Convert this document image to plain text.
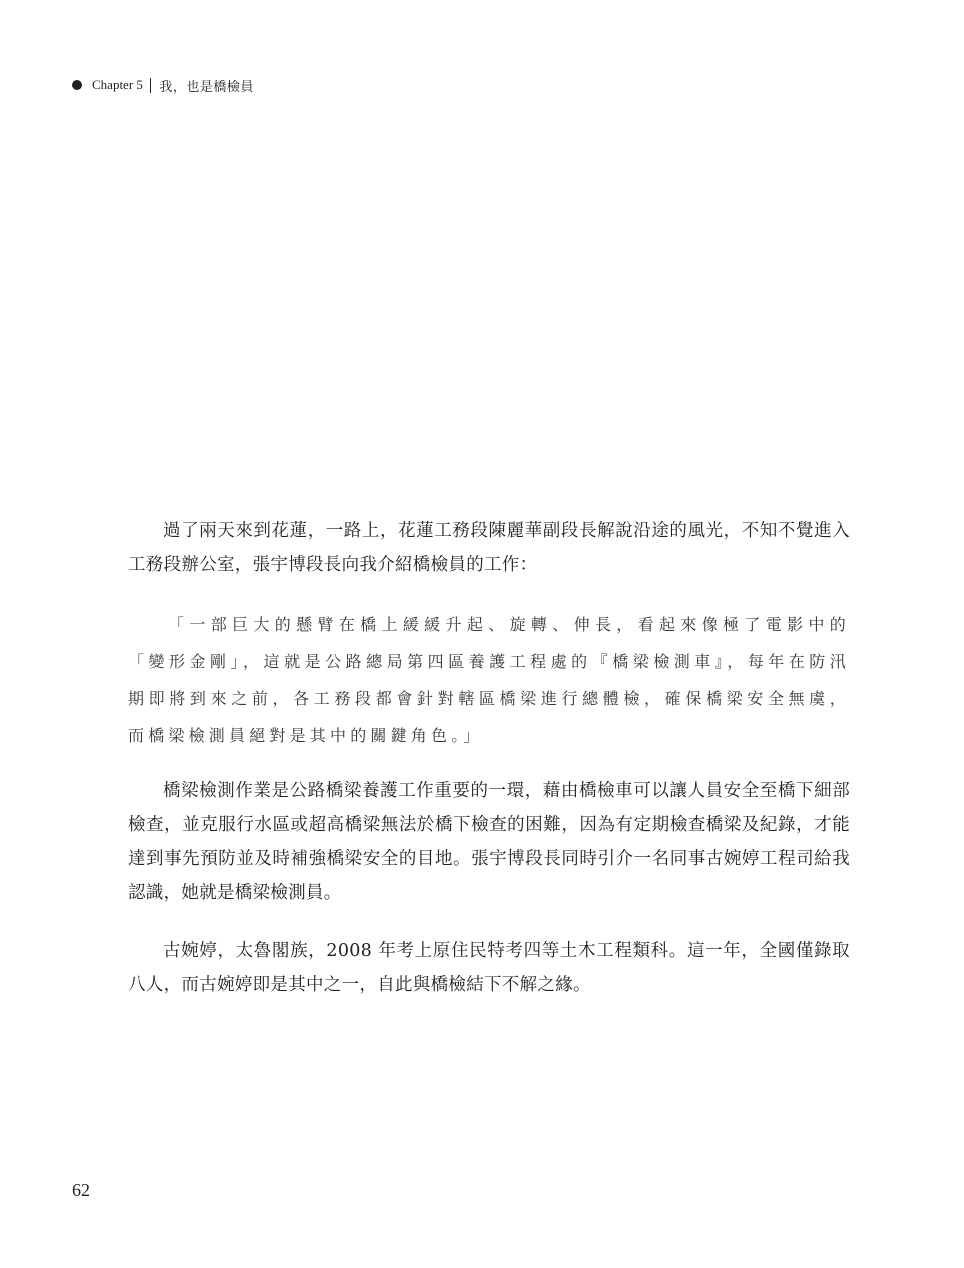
Chapter 5 我，也是橋檢員

過了兩天來到花蓮，一路上，花蓮工務段陳麗華副段長解說沿途的風光，不知不覺進入工務段辦公室，張宇博段長向我介紹橋檢員的工作：

「一部巨大的懸臂在橋上緩緩升起、旋轉、伸長，看起來像極了電影中的「變形金剛」，這就是公路總局第四區養護工程處的『橋梁檢測車』，每年在防汛期即將到來之前，各工務段都會針對轄區橋梁進行總體檢，確保橋梁安全無虞，而橋梁檢測員絕對是其中的關鍵角色。」

橋梁檢測作業是公路橋梁養護工作重要的一環，藉由橋檢車可以讓人員安全至橋下細部檢查，並克服行水區或超高橋梁無法於橋下檢查的困難，因為有定期檢查橋梁及紀錄，才能達到事先預防並及時補強橋梁安全的目地。張宇博段長同時引介一名同事古婉婷工程司給我認識，她就是橋梁檢測員。

古婉婷，太魯閣族，2008 年考上原住民特考四等土木工程類科。這一年，全國僅錄取八人，而古婉婷即是其中之一，自此與橋檢結下不解之緣。

62
